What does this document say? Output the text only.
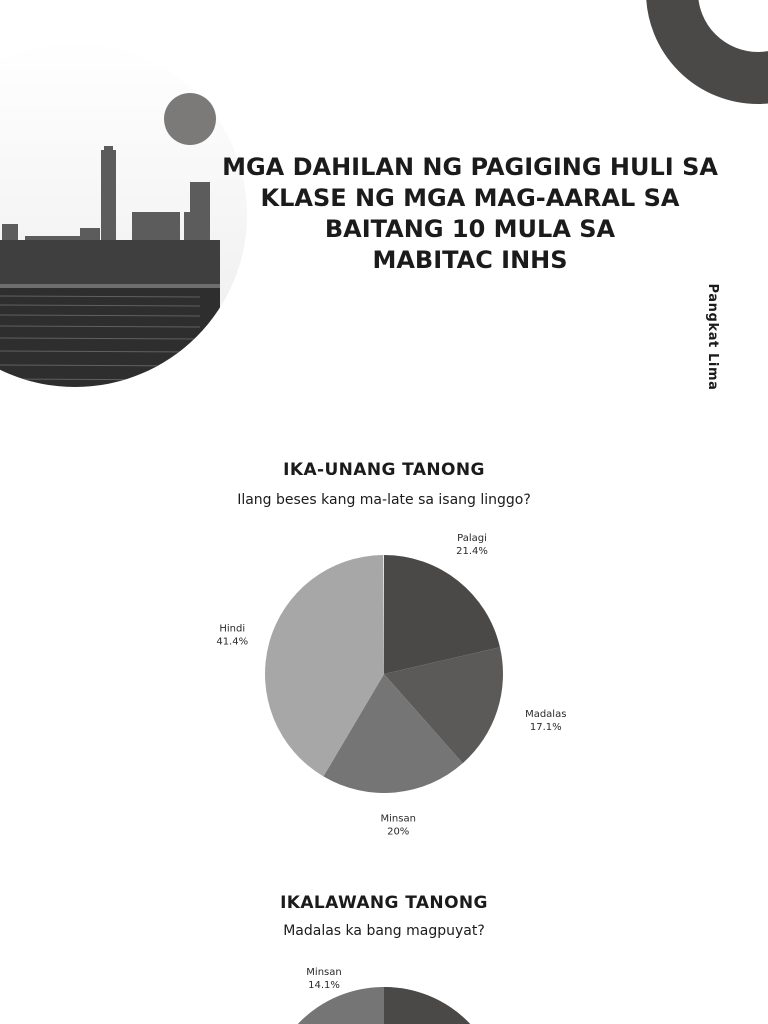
MGA DAHILAN NG PAGIGING HULI SA
KLASE NG MGA MAG-AARAL SA
BAITANG 10 MULA SA
MABITAC INHS
Pangkat Lima
IKA-UNANG TANONG

Ilang beses kang ma-late sa isang linggo?

Palagi 21.4%
Madalas 17.1%
Minsan 20%
Hindi 41.4%
IKALAWANG TANONG

Madalas ka bang magpuyat?

Minsan 14.1%
